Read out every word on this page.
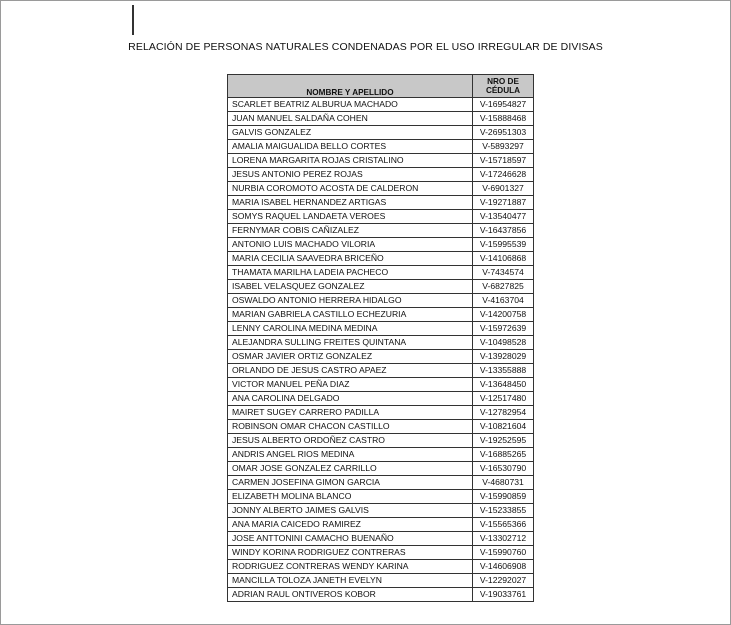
RELACIÓN DE PERSONAS NATURALES CONDENADAS POR EL USO IRREGULAR DE DIVISAS
NOMBRE Y APELLIDO	NRO DE
CÉDULA
SCARLET BEATRIZ ALBURUA MACHADO	V-16954827
JUAN MANUEL SALDAÑA COHEN	V-15888468
GALVIS GONZALEZ	V-26951303
AMALIA MAIGUALIDA BELLO CORTES	V-5893297
LORENA MARGARITA ROJAS CRISTALINO	V-15718597
JESUS ANTONIO PEREZ ROJAS	V-17246628
NURBIA COROMOTO ACOSTA DE CALDERON	V-6901327
MARIA ISABEL HERNANDEZ ARTIGAS	V-19271887
SOMYS RAQUEL LANDAETA VEROES	V-13540477
FERNYMAR COBIS CAÑIZALEZ	V-16437856
ANTONIO LUIS MACHADO VILORIA	V-15995539
MARIA CECILIA SAAVEDRA BRICEÑO	V-14106868
THAMATA MARILHA LADEIA PACHECO	V-7434574
ISABEL VELASQUEZ GONZALEZ	V-6827825
OSWALDO ANTONIO HERRERA HIDALGO	V-4163704
MARIAN GABRIELA CASTILLO ECHEZURIA	V-14200758
LENNY CAROLINA MEDINA MEDINA	V-15972639
ALEJANDRA SULLING FREITES QUINTANA	V-10498528
OSMAR JAVIER ORTIZ GONZALEZ	V-13928029
ORLANDO DE JESUS CASTRO APAEZ	V-13355888
VICTOR MANUEL PEÑA DIAZ	V-13648450
ANA CAROLINA DELGADO	V-12517480
MAIRET SUGEY CARRERO PADILLA	V-12782954
ROBINSON OMAR CHACON CASTILLO	V-10821604
JESUS ALBERTO ORDOÑEZ CASTRO	V-19252595
ANDRIS ANGEL RIOS MEDINA	V-16885265
OMAR JOSE GONZALEZ CARRILLO	V-16530790
CARMEN JOSEFINA GIMON GARCIA	V-4680731
ELIZABETH MOLINA BLANCO	V-15990859
JONNY ALBERTO JAIMES GALVIS	V-15233855
ANA MARIA CAICEDO RAMIREZ	V-15565366
JOSE ANTTONINI CAMACHO BUENAÑO	V-13302712
WINDY KORINA RODRIGUEZ CONTRERAS	V-15990760
RODRIGUEZ CONTRERAS WENDY KARINA	V-14606908
MANCILLA TOLOZA JANETH EVELYN	V-12292027
ADRIAN RAUL ONTIVEROS KOBOR	V-19033761
